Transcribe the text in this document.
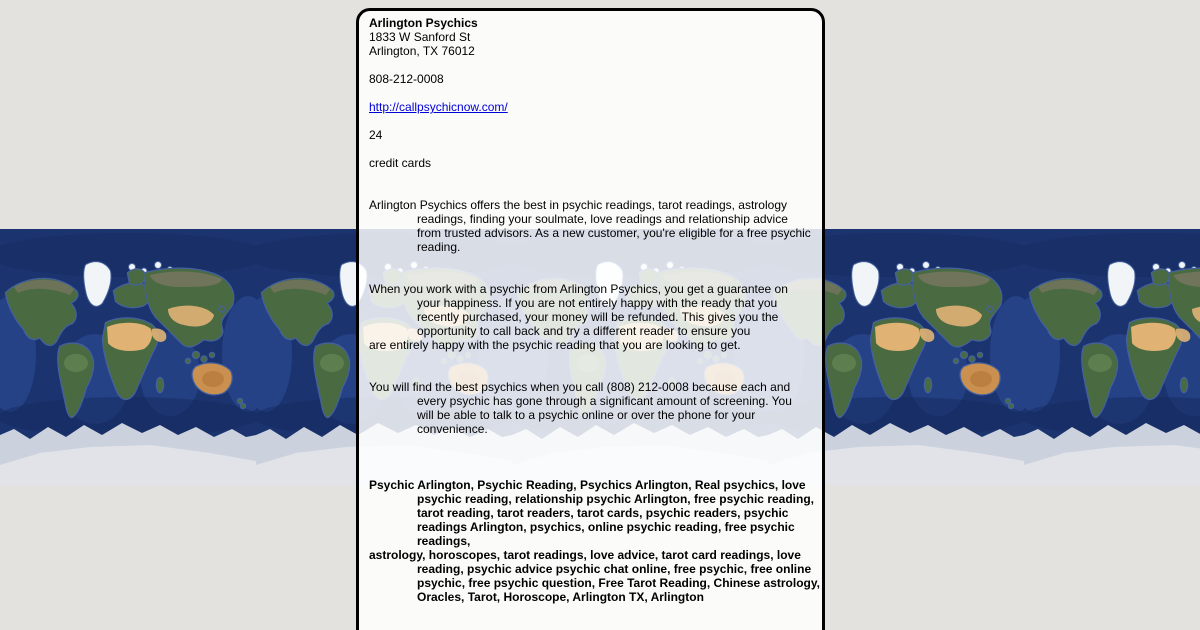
Arlington Psychics
1833 W Sanford St
Arlington, TX 76012

808-212-0008

http://callpsychicnow.com/

24

credit cards

Arlington Psychics offers the best in psychic readings, tarot readings, astrology
readings, finding your soulmate, love readings and relationship advice
from trusted advisors. As a new customer, you're eligible for a free psychic
reading.

When you work with a psychic from Arlington Psychics, you get a guarantee on
your happiness. If you are not entirely happy with the ready that you
recently purchased, your money will be refunded. This gives you the
opportunity to call back and try a different reader to ensure you
are entirely happy with the psychic reading that you are looking to get.

You will find the best psychics when you call (808) 212-0008 because each and
every psychic has gone through a significant amount of screening. You
will be able to talk to a psychic online or over the phone for your
convenience.

Psychic Arlington, Psychic Reading, Psychics Arlington, Real psychics, love
psychic reading, relationship psychic Arlington, free psychic reading,
tarot reading, tarot readers, tarot cards, psychic readers, psychic
readings Arlington, psychics, online psychic reading, free psychic
readings,
astrology, horoscopes, tarot readings, love advice, tarot card readings, love
reading, psychic advice psychic chat online, free psychic, free online
psychic, free psychic question, Free Tarot Reading, Chinese astrology,
Oracles, Tarot, Horoscope, Arlington TX, Arlington
